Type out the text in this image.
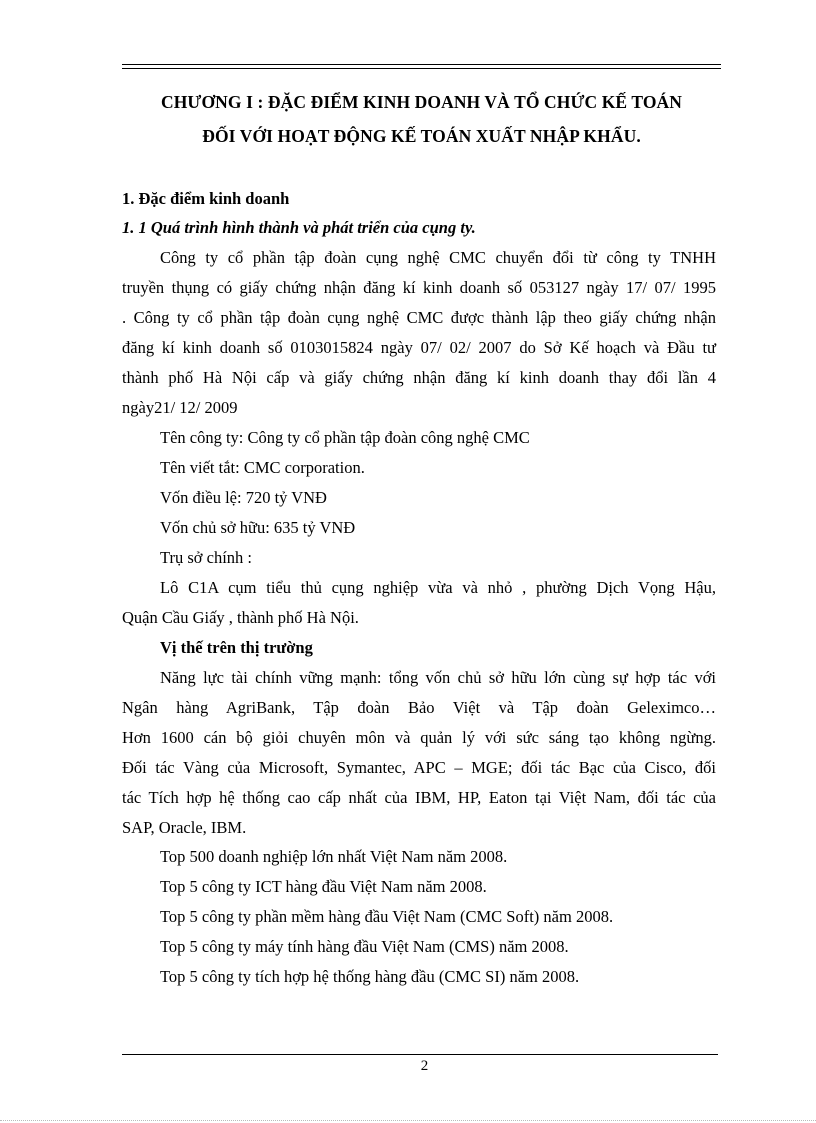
CHƯƠNG I : ĐẶC ĐIỂM KINH DOANH VÀ TỔ CHỨC KẾ TOÁN
ĐỐI VỚI HOẠT ĐỘNG KẾ TOÁN XUẤT NHẬP KHẨU.
1. Đặc điểm kinh doanh
1. 1 Quá trình hình thành và phát triển của cụng ty.
Công ty cổ phần tập đoàn cụng nghệ CMC chuyển đổi từ công ty TNHH
truyền thụng có giấy chứng nhận đăng kí kinh doanh số 053127 ngày 17/ 07/ 1995
. Công ty cổ phần tập đoàn cụng nghệ CMC được thành lập theo giấy chứng nhận
đăng kí kinh doanh số 0103015824 ngày 07/ 02/ 2007 do Sở Kế hoạch và Đầu tư
thành phố Hà Nội cấp và giấy chứng nhận đăng kí kinh doanh thay đổi lần 4
ngày21/ 12/ 2009
Tên công ty: Công ty cổ phần tập đoàn công nghệ CMC
Tên viết tắt: CMC corporation.
Vốn điều lệ: 720 tỷ VNĐ
Vốn chủ sở hữu: 635 tỷ VNĐ
Trụ sở chính :
Lô C1A cụm tiểu thủ cụng nghiệp vừa và nhỏ , phường Dịch Vọng Hậu,
Quận Cầu Giấy , thành phố Hà Nội.
Vị thế trên thị trường
Năng lực tài chính vững mạnh: tổng vốn chủ sở hữu lớn cùng sự hợp tác với
Ngân hàng AgriBank, Tập đoàn Bảo Việt và Tập đoàn Geleximco…
Hơn 1600 cán bộ giỏi chuyên môn và quản lý với sức sáng tạo không ngừng.
Đối tác Vàng của Microsoft, Symantec, APC – MGE; đối tác Bạc của Cisco, đối
tác Tích hợp hệ thống cao cấp nhất của IBM, HP, Eaton tại Việt Nam, đối tác của
SAP, Oracle, IBM.
Top 500 doanh nghiệp lớn nhất Việt Nam năm 2008.
Top 5 công ty ICT hàng đầu Việt Nam năm 2008.
Top 5 công ty phần mềm hàng đầu Việt Nam (CMC Soft) năm 2008.
Top 5 công ty máy tính hàng đầu Việt Nam (CMS) năm 2008.
Top 5 công ty tích hợp hệ thống hàng đầu (CMC SI) năm 2008.
2
